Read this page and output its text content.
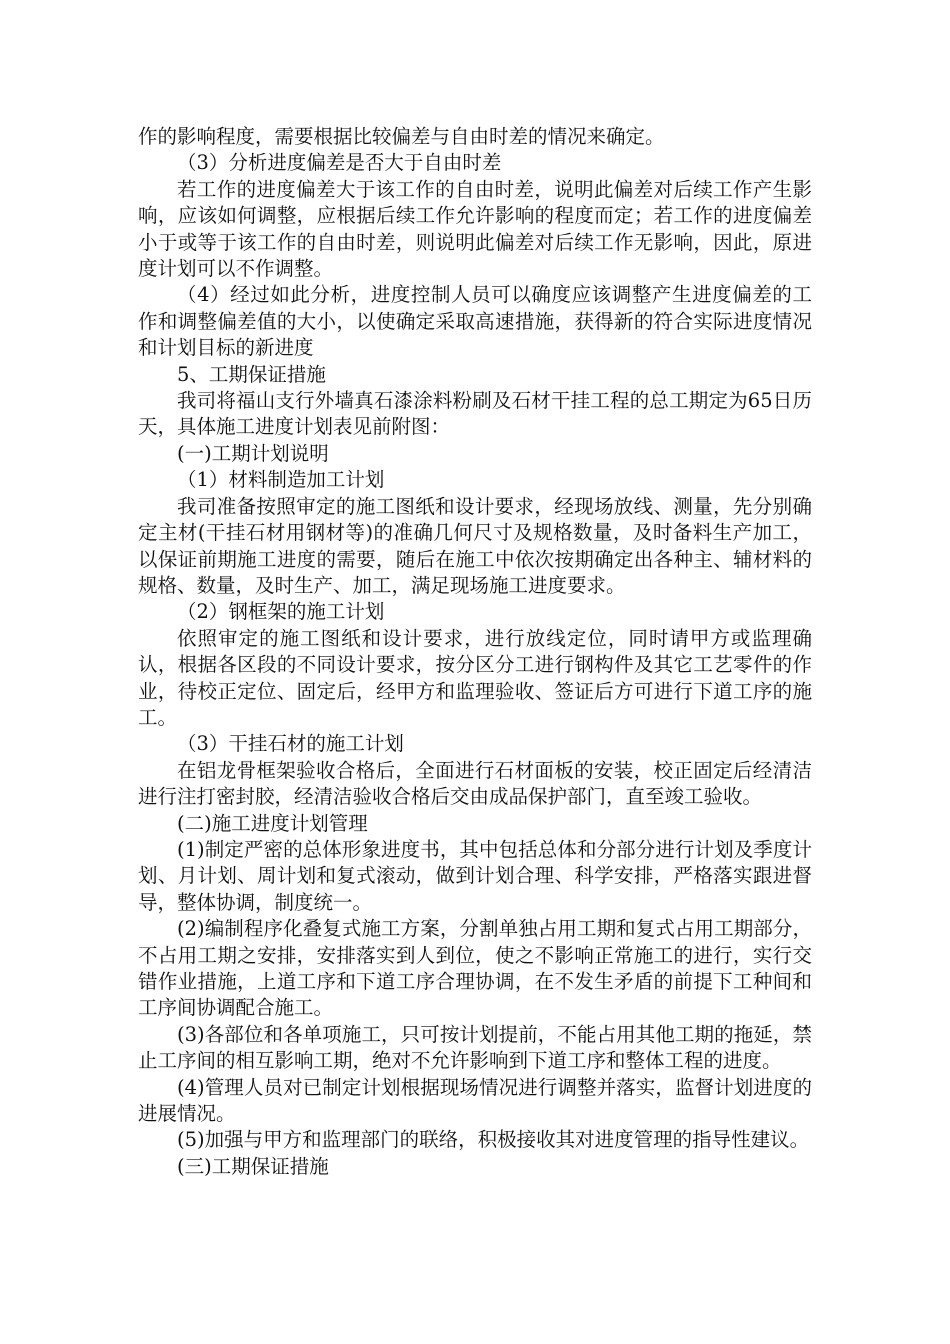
作的影响程度，需要根据比较偏差与自由时差的情况来确定。

（3）分析进度偏差是否大于自由时差

若工作的进度偏差大于该工作的自由时差，说明此偏差对后续工作产生影响，应该如何调整，应根据后续工作允许影响的程度而定；若工作的进度偏差小于或等于该工作的自由时差，则说明此偏差对后续工作无影响，因此，原进度计划可以不作调整。

（4）经过如此分析，进度控制人员可以确度应该调整产生进度偏差的工作和调整偏差值的大小，以使确定采取高速措施，获得新的符合实际进度情况和计划目标的新进度

5、工期保证措施

我司将福山支行外墙真石漆涂料粉刷及石材干挂工程的总工期定为65日历天，具体施工进度计划表见前附图：

(一)工期计划说明

（1）材料制造加工计划

我司准备按照审定的施工图纸和设计要求，经现场放线、测量，先分别确定主材(干挂石材用钢材等)的准确几何尺寸及规格数量，及时备料生产加工，以保证前期施工进度的需要，随后在施工中依次按期确定出各种主、辅材料的规格、数量，及时生产、加工，满足现场施工进度要求。

（2）钢框架的施工计划

依照审定的施工图纸和设计要求，进行放线定位，同时请甲方或监理确认，根据各区段的不同设计要求，按分区分工进行钢构件及其它工艺零件的作业，待校正定位、固定后，经甲方和监理验收、签证后方可进行下道工序的施工。

（3）干挂石材的施工计划

在铝龙骨框架验收合格后，全面进行石材面板的安装，校正固定后经清洁进行注打密封胶，经清洁验收合格后交由成品保护部门，直至竣工验收。

(二)施工进度计划管理

(1)制定严密的总体形象进度书，其中包括总体和分部分进行计划及季度计划、月计划、周计划和复式滚动，做到计划合理、科学安排，严格落实跟进督导，整体协调，制度统一。

(2)编制程序化叠复式施工方案，分割单独占用工期和复式占用工期部分，不占用工期之安排，安排落实到人到位，使之不影响正常施工的进行，实行交错作业措施，上道工序和下道工序合理协调，在不发生矛盾的前提下工种间和工序间协调配合施工。

(3)各部位和各单项施工，只可按计划提前，不能占用其他工期的拖延，禁止工序间的相互影响工期，绝对不允许影响到下道工序和整体工程的进度。

(4)管理人员对已制定计划根据现场情况进行调整并落实，监督计划进度的进展情况。

(5)加强与甲方和监理部门的联络，积极接收其对进度管理的指导性建议。

(三)工期保证措施
